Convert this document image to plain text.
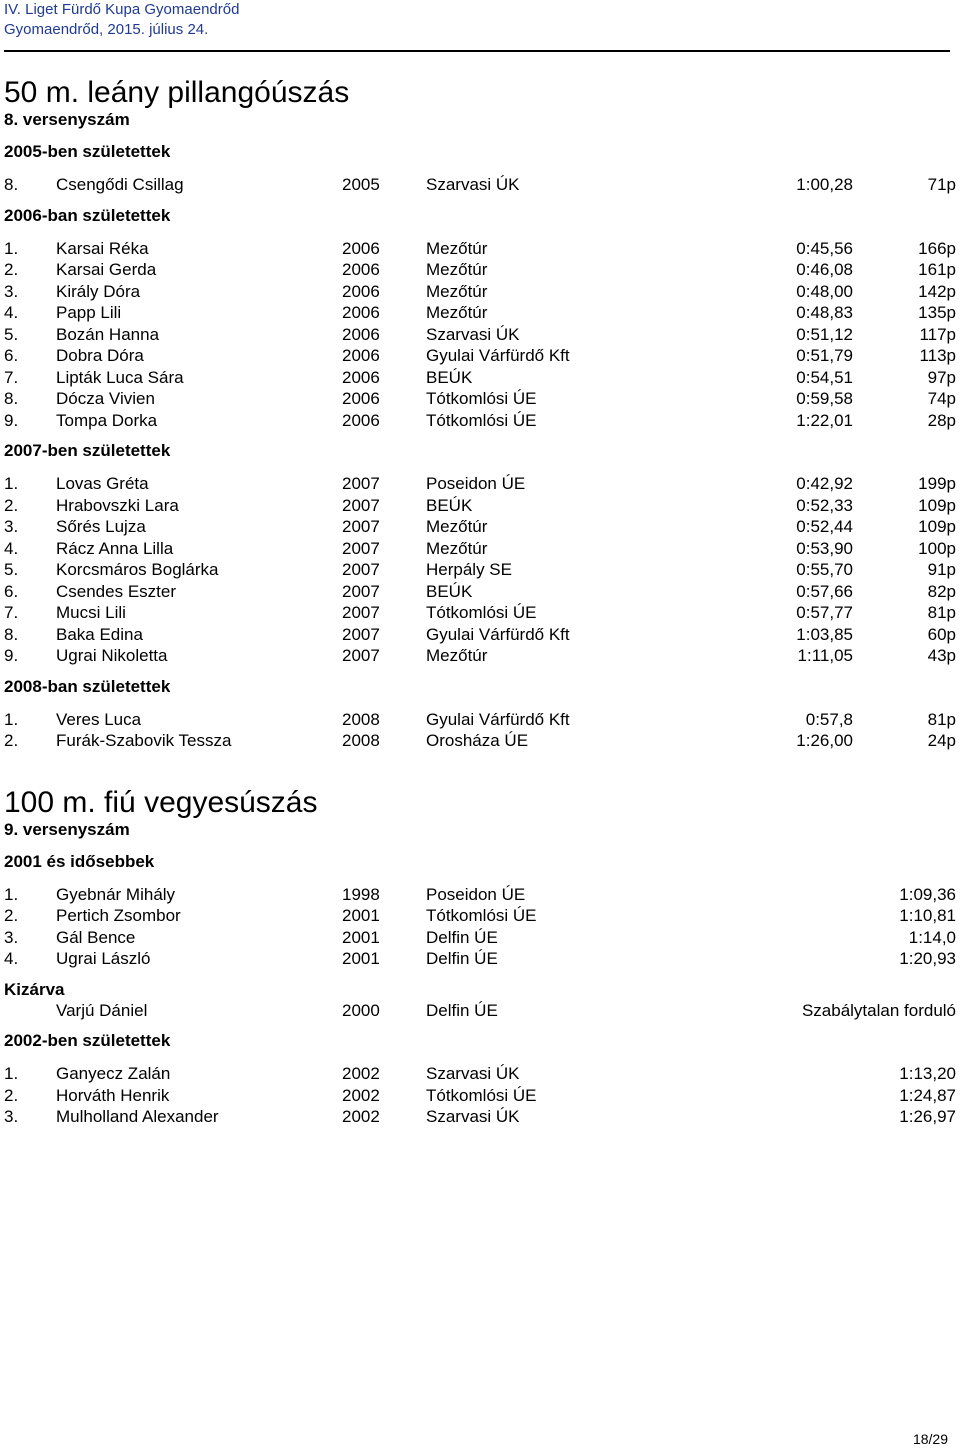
IV. Liget Fürdő Kupa Gyomaendrőd
Gyomaendrőd, 2015. július 24.
50 m. leány pillangóúszás
8. versenyszám
2005-ben születettek
8. Csengődi Csillag	2005	Szarvasi ÚK	1:00,28	71p
2006-ban születettek
1. Karsai Réka	2006	Mezőtúr	0:45,56	166p
2. Karsai Gerda	2006	Mezőtúr	0:46,08	161p
3. Király Dóra	2006	Mezőtúr	0:48,00	142p
4. Papp Lili	2006	Mezőtúr	0:48,83	135p
5. Bozán Hanna	2006	Szarvasi ÚK	0:51,12	117p
6. Dobra Dóra	2006	Gyulai Várfürdő Kft	0:51,79	113p
7. Lipták Luca Sára	2006	BEÚK	0:54,51	97p
8. Dócza Vivien	2006	Tótkomlósi ÚE	0:59,58	74p
9. Tompa Dorka	2006	Tótkomlósi ÚE	1:22,01	28p
2007-ben születettek
1. Lovas Gréta	2007	Poseidon ÚE	0:42,92	199p
2. Hrabovszki Lara	2007	BEÚK	0:52,33	109p
3. Sőrés Lujza	2007	Mezőtúr	0:52,44	109p
4. Rácz Anna Lilla	2007	Mezőtúr	0:53,90	100p
5. Korcsmáros Boglárka	2007	Herpály SE	0:55,70	91p
6. Csendes Eszter	2007	BEÚK	0:57,66	82p
7. Mucsi Lili	2007	Tótkomlósi ÚE	0:57,77	81p
8. Baka Edina	2007	Gyulai Várfürdő Kft	1:03,85	60p
9. Ugrai Nikoletta	2007	Mezőtúr	1:11,05	43p
2008-ban születettek
1. Veres Luca	2008	Gyulai Várfürdő Kft	0:57,8	81p
2. Furák-Szabovik Tessza	2008	Orosháza ÚE	1:26,00	24p
100 m. fiú vegyesúszás
9. versenyszám
2001 és idősebbek
1. Gyebnár Mihály	1998	Poseidon ÚE	1:09,36
2. Pertich Zsombor	2001	Tótkomlósi ÚE	1:10,81
3. Gál Bence	2001	Delfin ÚE	1:14,0
4. Ugrai László	2001	Delfin ÚE	1:20,93
Kizárva
Varjú Dániel	2000	Delfin ÚE	Szabálytalan forduló
2002-ben születettek
1. Ganyecz Zalán	2002	Szarvasi ÚK	1:13,20
2. Horváth Henrik	2002	Tótkomlósi ÚE	1:24,87
3. Mulholland Alexander	2002	Szarvasi ÚK	1:26,97
18/29
